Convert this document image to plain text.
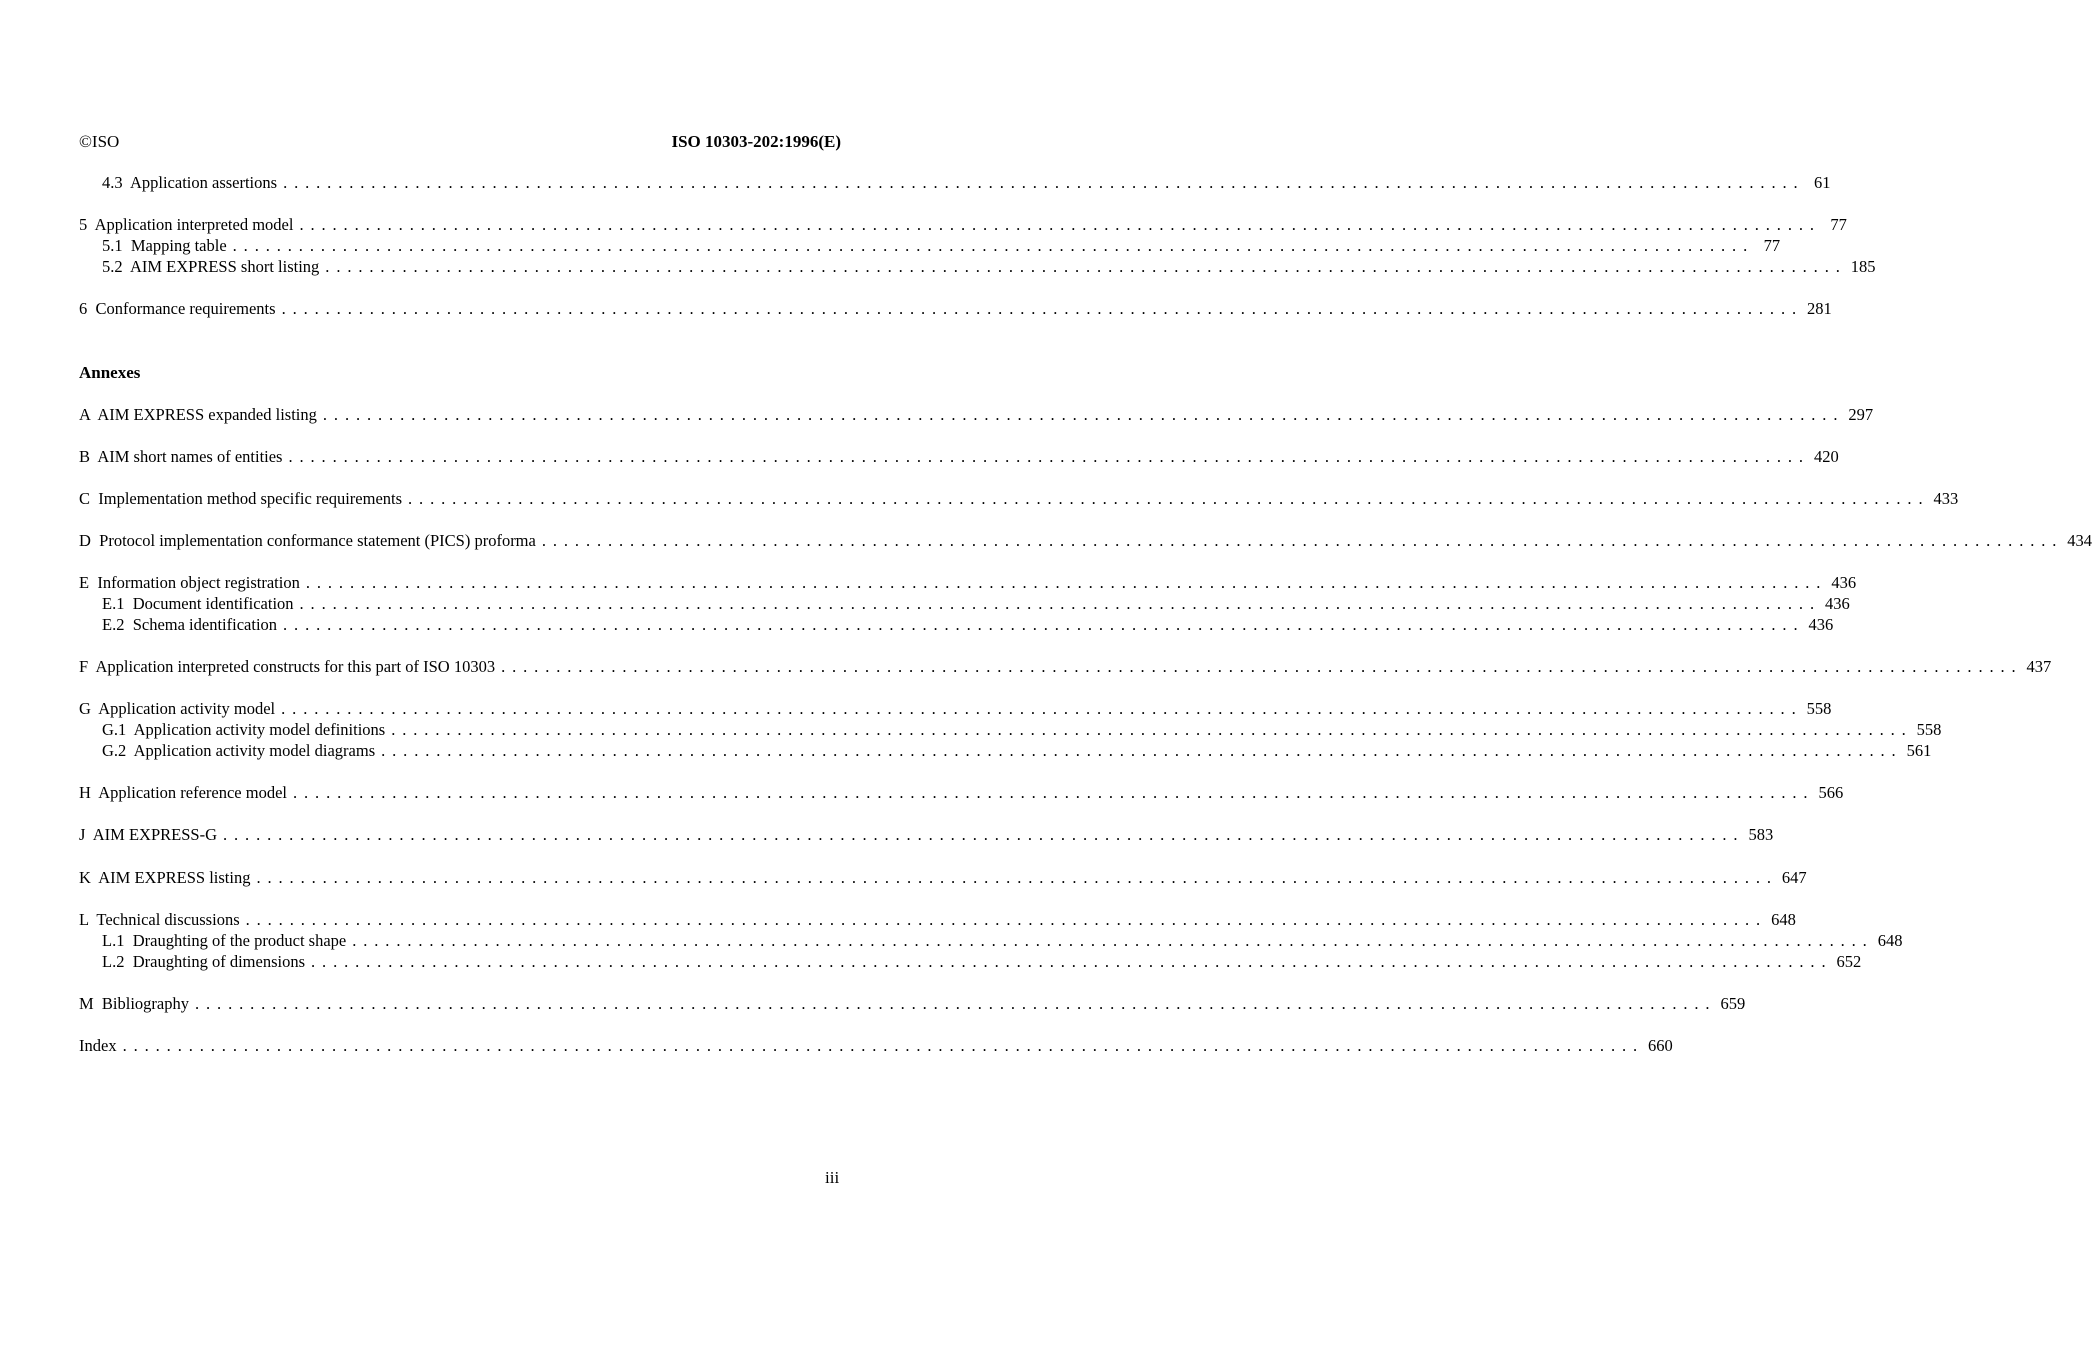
©ISO	ISO 10303-202:1996(E)
4.3  Application assertions .......................................................................................................................................... 61
5  Application interpreted model .......................................................................................................................................... 77
5.1  Mapping table .......................................................................................................................................... 77
5.2  AIM EXPRESS short listing .......................................................................................................................................... 185
6  Conformance requirements .......................................................................................................................................... 281
Annexes
A  AIM EXPRESS expanded listing .......................................................................................................................................... 297
B  AIM short names of entities .......................................................................................................................................... 420
C  Implementation method specific requirements .......................................................................................................................................... 433
D  Protocol implementation conformance statement (PICS) proforma .......................................................................................................................................... 434
E  Information object registration .......................................................................................................................................... 436
E.1  Document identification .......................................................................................................................................... 436
E.2  Schema identification .......................................................................................................................................... 436
F  Application interpreted constructs for this part of ISO 10303 .......................................................................................................................................... 437
G  Application activity model .......................................................................................................................................... 558
G.1  Application activity model definitions .......................................................................................................................................... 558
G.2  Application activity model diagrams .......................................................................................................................................... 561
H  Application reference model .......................................................................................................................................... 566
J  AIM EXPRESS-G .......................................................................................................................................... 583
K  AIM EXPRESS listing .......................................................................................................................................... 647
L  Technical discussions .......................................................................................................................................... 648
L.1  Draughting of the product shape .......................................................................................................................................... 648
L.2  Draughting of dimensions .......................................................................................................................................... 652
M  Bibliography .......................................................................................................................................... 659
Index .......................................................................................................................................... 660
iii
